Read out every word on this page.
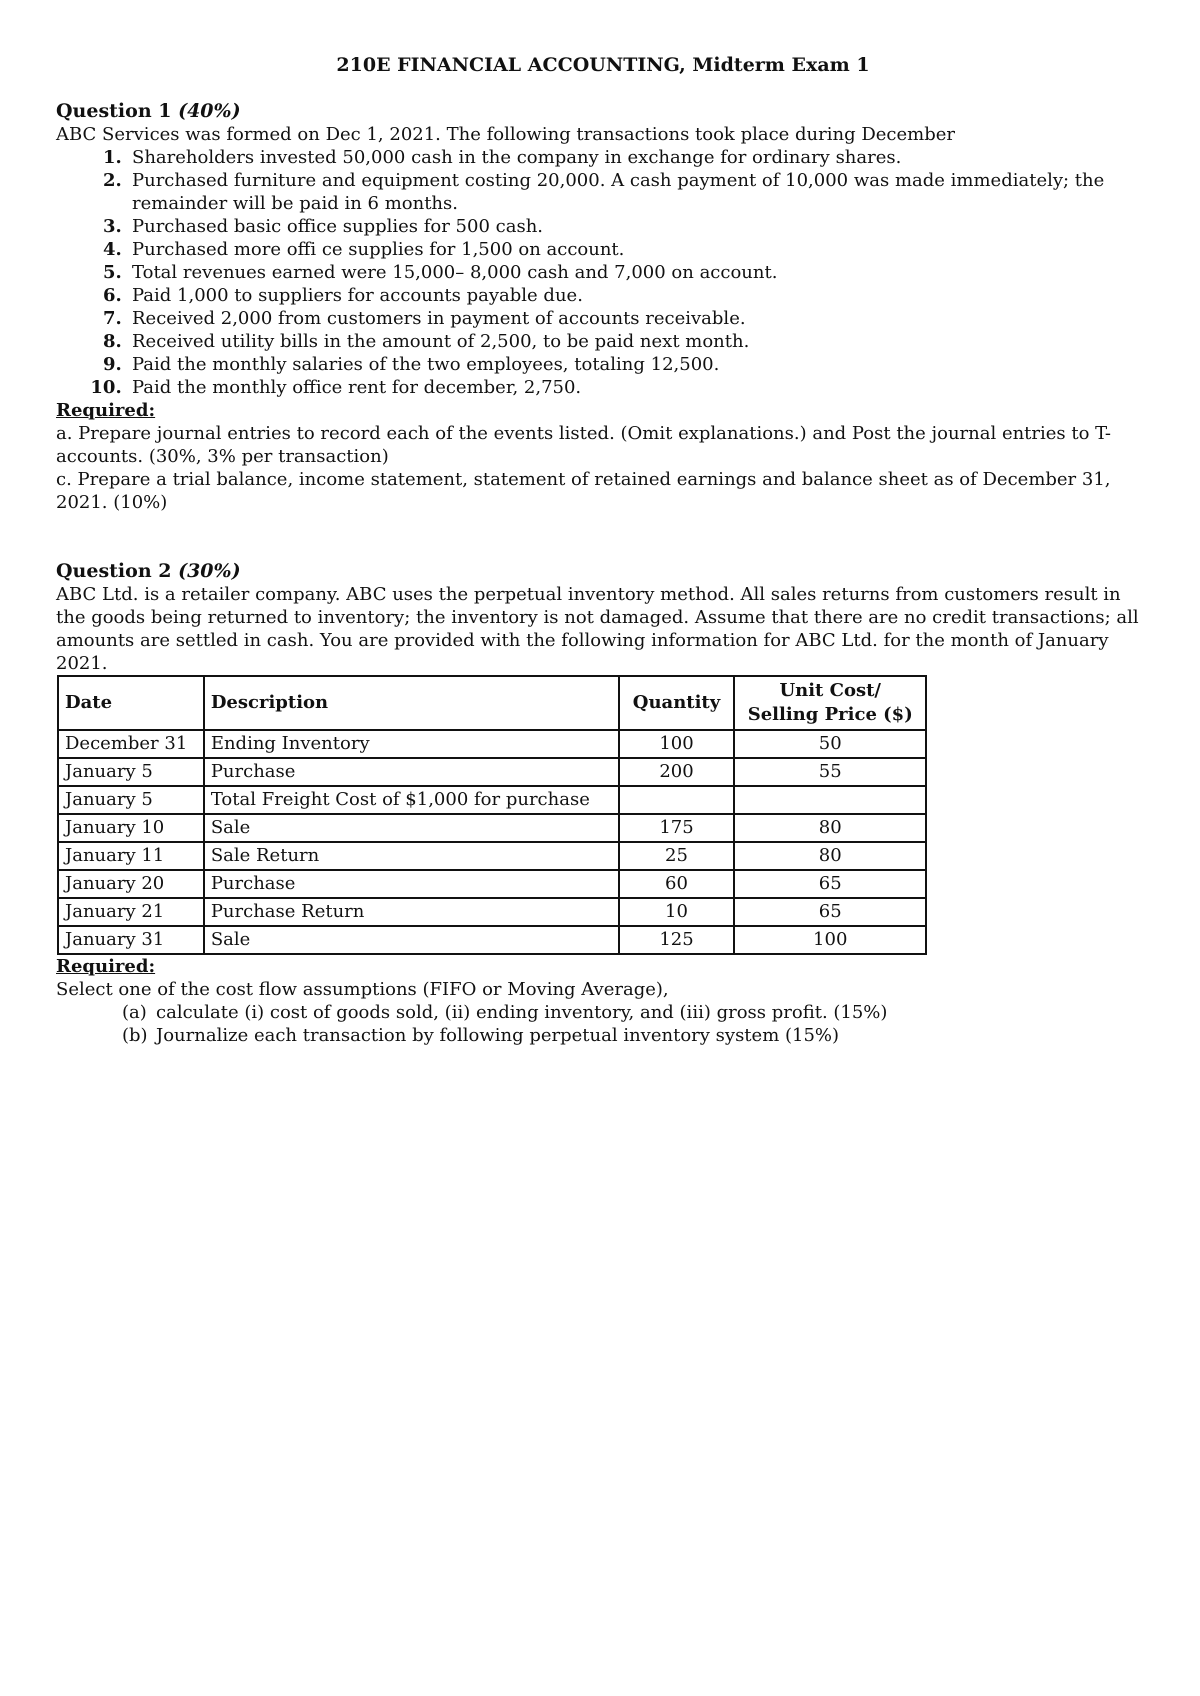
210E FINANCIAL ACCOUNTING, Midterm Exam 1

Question 1 (40%)

ABC Services was formed on Dec 1, 2021. The following transactions took place during December

1. Shareholders invested 50,000 cash in the company in exchange for ordinary shares.
2. Purchased furniture and equipment costing 20,000. A cash payment of 10,000 was made immediately; the remainder will be paid in 6 months.
3. Purchased basic office supplies for 500 cash.
4. Purchased more offi ce supplies for 1,500 on account.
5. Total revenues earned were 15,000– 8,000 cash and 7,000 on account.
6. Paid 1,000 to suppliers for accounts payable due.
7. Received 2,000 from customers in payment of accounts receivable.
8. Received utility bills in the amount of 2,500, to be paid next month.
9. Paid the monthly salaries of the two employees, totaling 12,500.
10. Paid the monthly office rent for december, 2,750.

Required:

a. Prepare journal entries to record each of the events listed. (Omit explanations.) and Post the journal entries to T-accounts. (30%, 3% per transaction)

c. Prepare a trial balance, income statement, statement of retained earnings and balance sheet as of December 31, 2021. (10%)

Question 2 (30%)

ABC Ltd. is a retailer company. ABC uses the perpetual inventory method. All sales returns from customers result in the goods being returned to inventory; the inventory is not damaged. Assume that there are no credit transactions; all amounts are settled in cash. You are provided with the following information for ABC Ltd. for the month of January 2021.

Date	Description	Quantity	Unit Cost/
Selling Price ($)

December 31	Ending Inventory	100	50
January 5	Purchase	200	55
January 5	Total Freight Cost of $1,000 for purchase		
January 10	Sale	175	80
January 11	Sale Return	25	80
January 20	Purchase	60	65
January 21	Purchase Return	10	65
January 31	Sale	125	100

Required:

Select one of the cost flow assumptions (FIFO or Moving Average),

(a) calculate (i) cost of goods sold, (ii) ending inventory, and (iii) gross profit. (15%)
(b) Journalize each transaction by following perpetual inventory system (15%)
